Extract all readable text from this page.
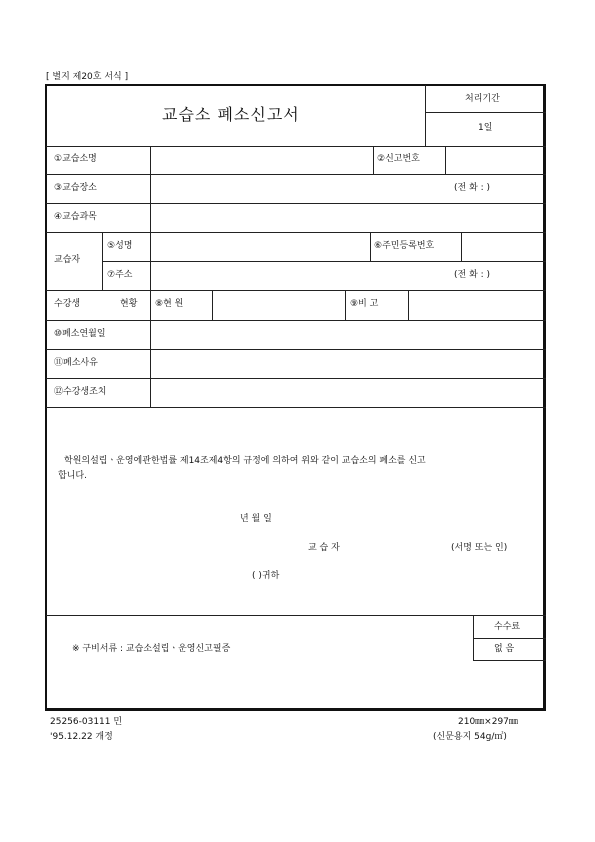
[ 별지 제20호 서식 ]
교습소 폐소신고서
처리기간
1일
①교습소명	②신고번호
③교습장소	(전 화 : )
④교습과목
교습자
⑤성명	⑥주민등록번호
⑦주소	(전 화 : )
수강생	현황 ⑧현 원	⑨비 고
⑩폐소연월일
⑪폐소사유
⑫수강생조치
학원의설립ㆍ운영에관한법률 제14조제4항의 규정에 의하여 위와 같이 교습소의 폐소를 신고
합니다.
년 월 일
교 습 자	(서명 또는 인)
( )귀하
※ 구비서류 : 교습소설립ㆍ운영신고필증
수수료
없 음
25256-03111 민	210㎜×297㎜
'95.12.22 개정	(신문용지 54g/㎡)
